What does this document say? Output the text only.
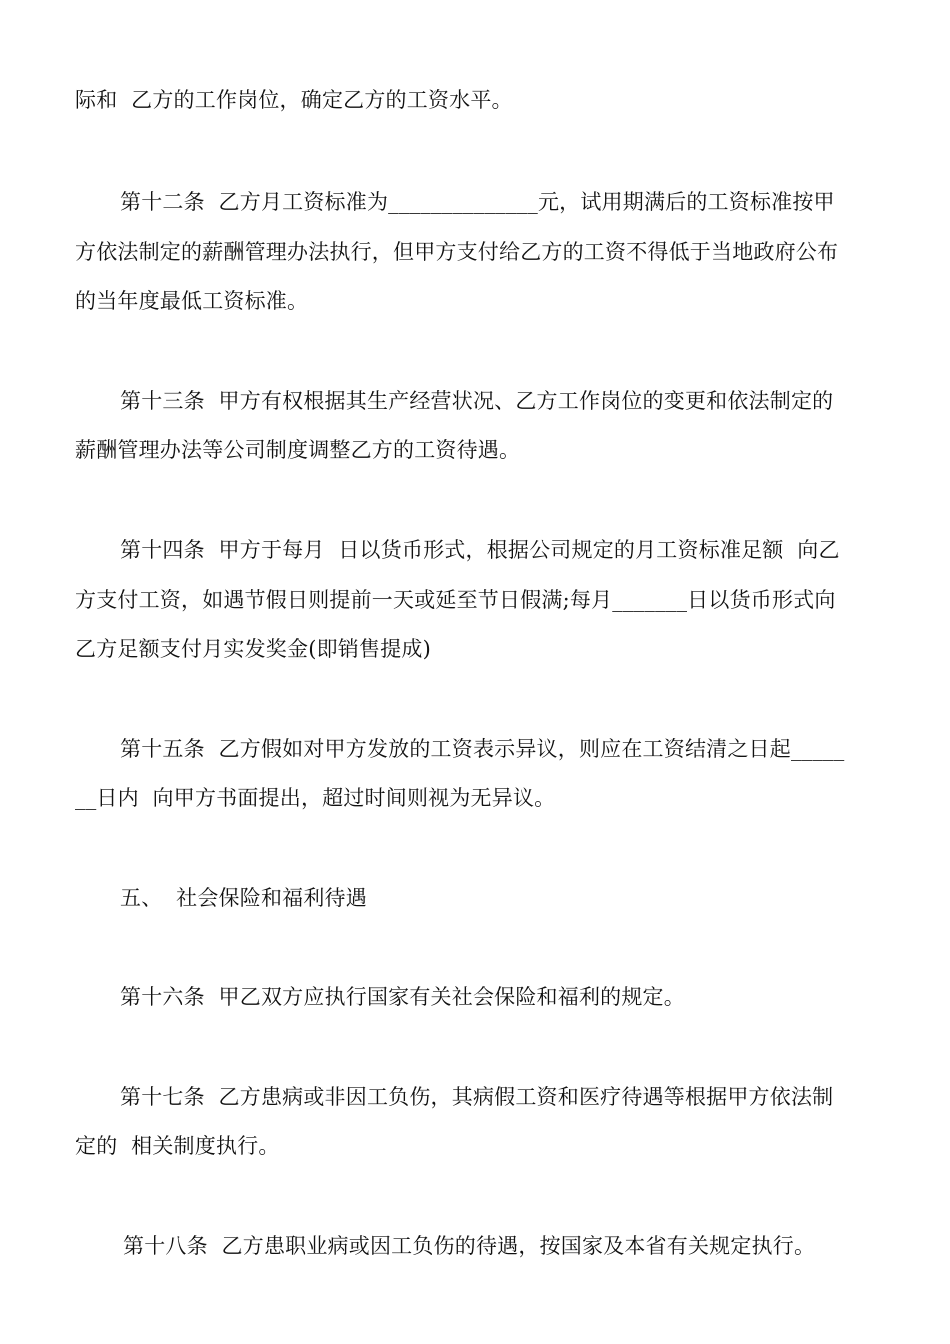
际和  乙方的工作岗位，确定乙方的工资水平。
第十二条  乙方月工资标准为______________元，试用期满后的工资标准按甲
方依法制定的薪酬管理办法执行，但甲方支付给乙方的工资不得低于当地政府公布
的当年度最低工资标准。
第十三条  甲方有权根据其生产经营状况、乙方工作岗位的变更和依法制定的
薪酬管理办法等公司制度调整乙方的工资待遇。
第十四条  甲方于每月  日以货币形式，根据公司规定的月工资标准足额  向乙
方支付工资，如遇节假日则提前一天或延至节日假满;每月_______日以货币形式向
乙方足额支付月实发奖金(即销售提成)
第十五条  乙方假如对甲方发放的工资表示异议，则应在工资结清之日起_____
__日内  向甲方书面提出，超过时间则视为无异议。
五、  社会保险和福利待遇
第十六条  甲乙双方应执行国家有关社会保险和福利的规定。
第十七条  乙方患病或非因工负伤，其病假工资和医疗待遇等根据甲方依法制
定的  相关制度执行。
第十八条  乙方患职业病或因工负伤的待遇，按国家及本省有关规定执行。
